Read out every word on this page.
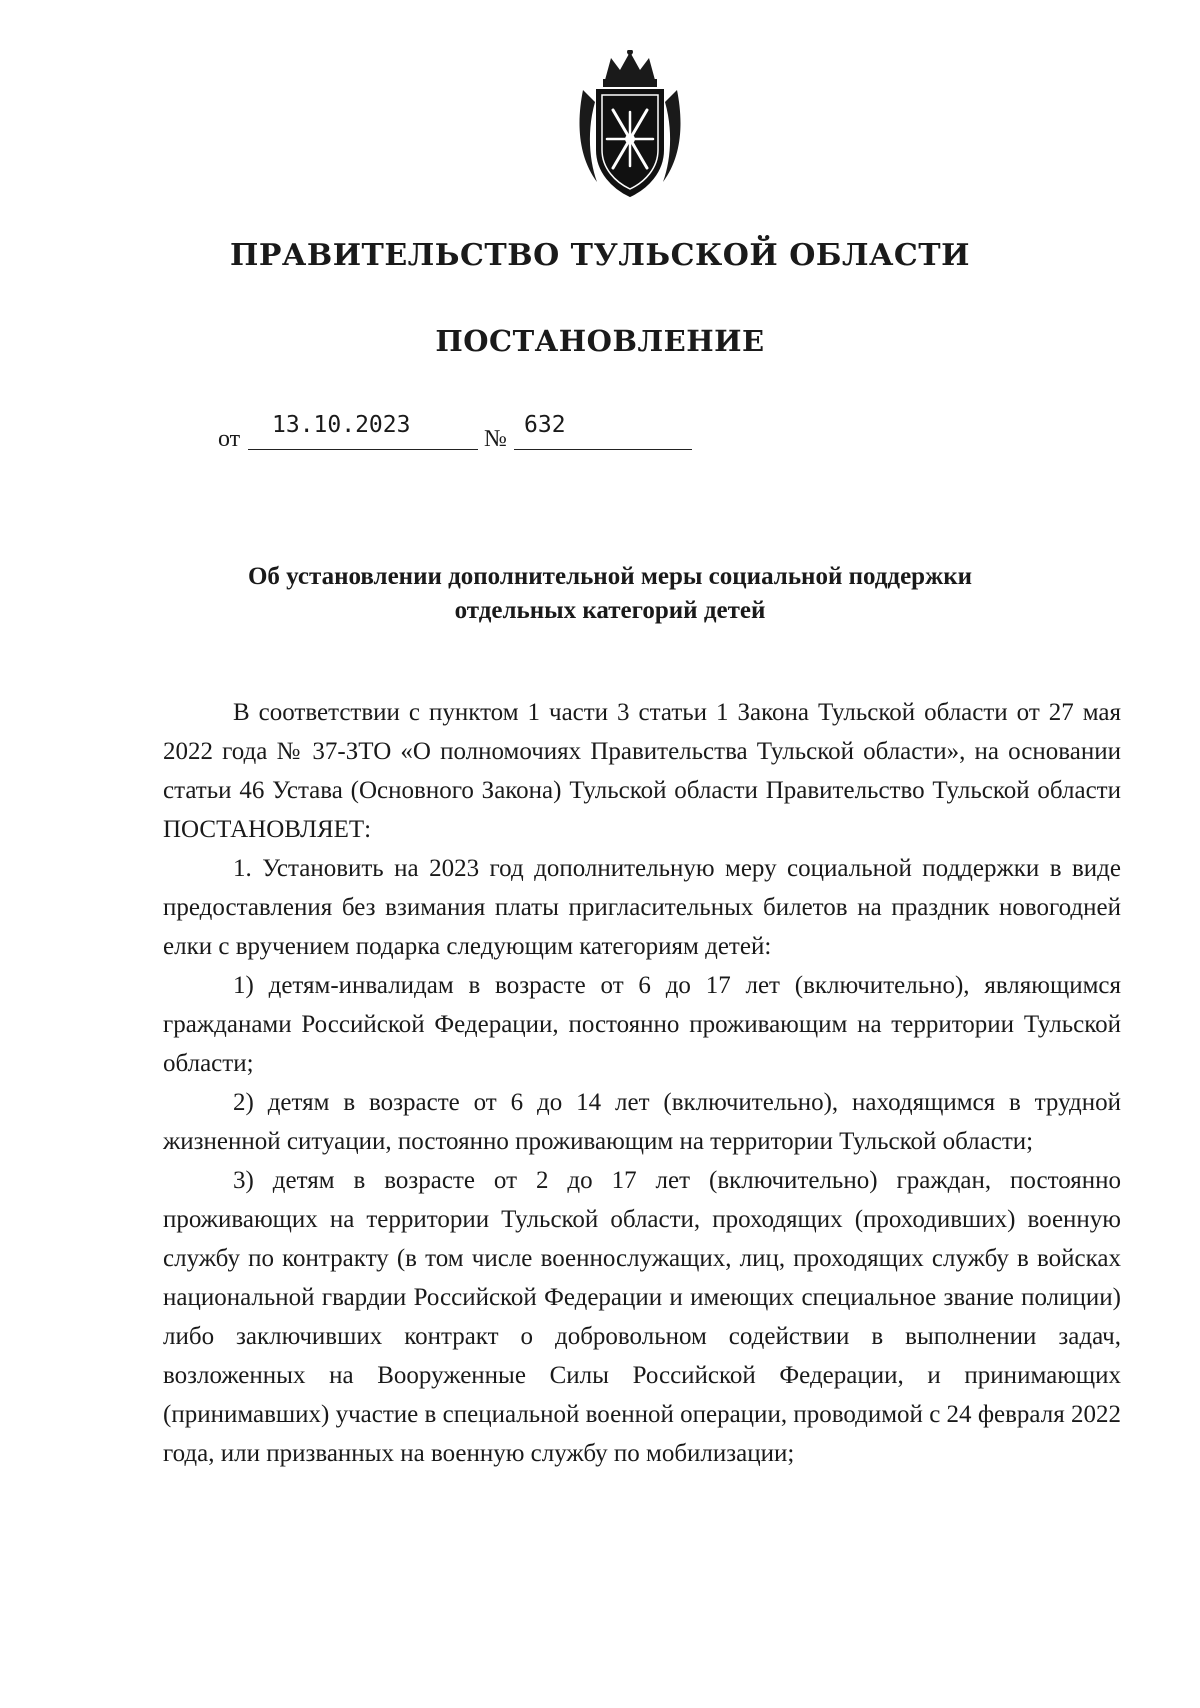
ПРАВИТЕЛЬСТВО ТУЛЬСКОЙ ОБЛАСТИ
ПОСТАНОВЛЕНИЕ
от
13.10.2023
№
632
Об установлении дополнительной меры социальной поддержки
отдельных категорий детей

В соответствии с пунктом 1 части 3 статьи 1 Закона Тульской области от 27 мая 2022 года № 37-ЗТО «О полномочиях Правительства Тульской области», на основании статьи 46 Устава (Основного Закона) Тульской области Правительство Тульской области ПОСТАНОВЛЯЕТ:

1. Установить на 2023 год дополнительную меру социальной поддержки в виде предоставления без взимания платы пригласительных билетов на праздник новогодней елки с вручением подарка следующим категориям детей:

1) детям-инвалидам в возрасте от 6 до 17 лет (включительно), являющимся гражданами Российской Федерации, постоянно проживающим на территории Тульской области;

2) детям в возрасте от 6 до 14 лет (включительно), находящимся в трудной жизненной ситуации, постоянно проживающим на территории Тульской области;

3) детям в возрасте от 2 до 17 лет (включительно) граждан, постоянно проживающих на территории Тульской области, проходящих (проходивших) военную службу по контракту (в том числе военнослужащих, лиц, проходящих службу в войсках национальной гвардии Российской Федерации и имеющих специальное звание полиции) либо заключивших контракт о добровольном содействии в выполнении задач, возложенных на Вооруженные Силы Российской Федерации, и принимающих (принимавших) участие в специальной военной операции, проводимой с 24 февраля 2022 года, или призванных на военную службу по мобилизации;
